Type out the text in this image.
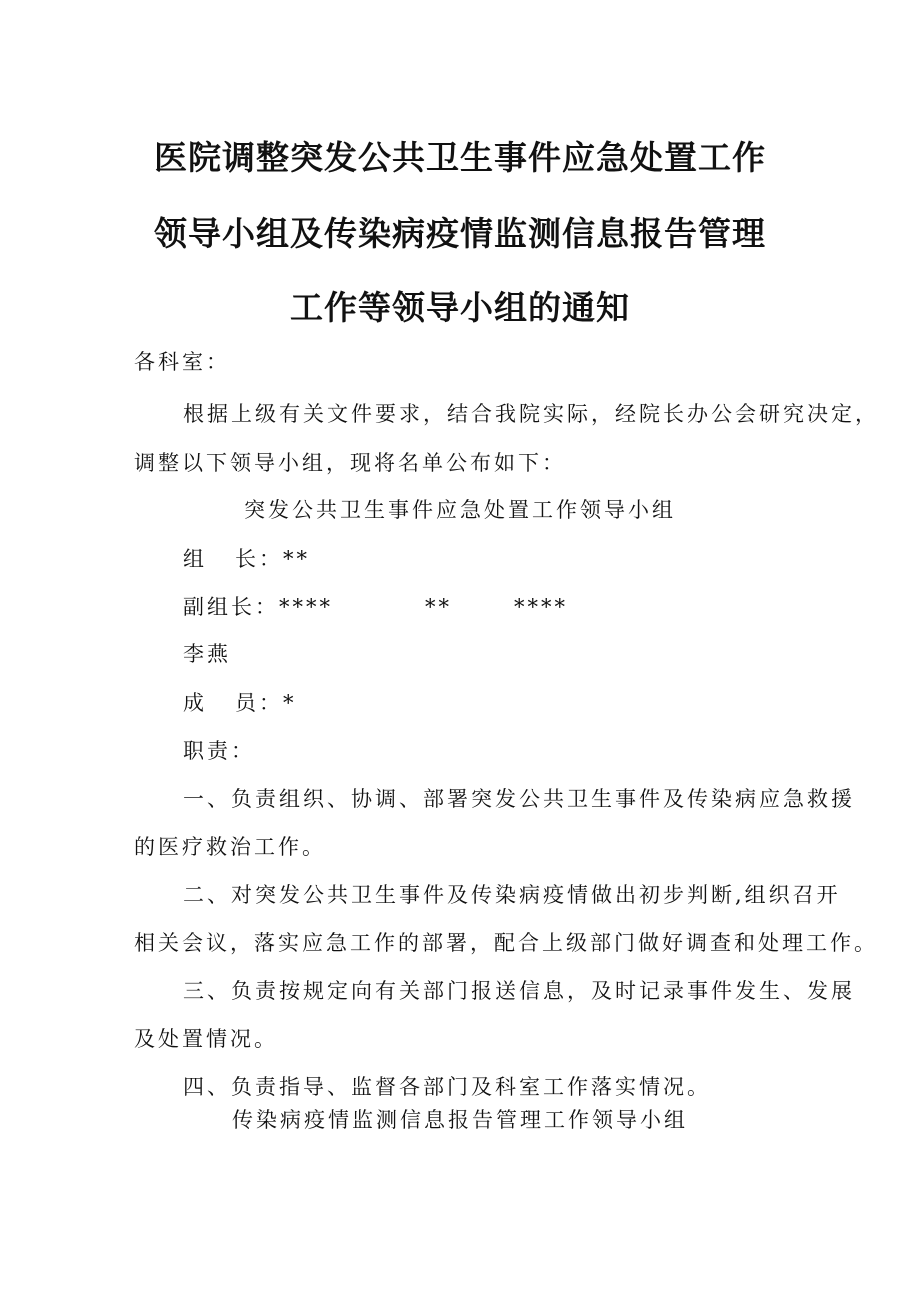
医院调整突发公共卫生事件应急处置工作
领导小组及传染病疫情监测信息报告管理
工作等领导小组的通知
各科室：
根据上级有关文件要求，结合我院实际，经院长办公会研究决定，
调整以下领导小组，现将名单公布如下：
突发公共卫生事件应急处置工作领导小组
组 长：**
副组长：****	**	****
李燕
成 员：*
职责：
一、负责组织、协调、部署突发公共卫生事件及传染病应急救援
的医疗救治工作。
二、对突发公共卫生事件及传染病疫情做出初步判断,组织召开
相关会议，落实应急工作的部署，配合上级部门做好调查和处理工作。
三、负责按规定向有关部门报送信息，及时记录事件发生、发展
及处置情况。
四、负责指导、监督各部门及科室工作落实情况。
传染病疫情监测信息报告管理工作领导小组
